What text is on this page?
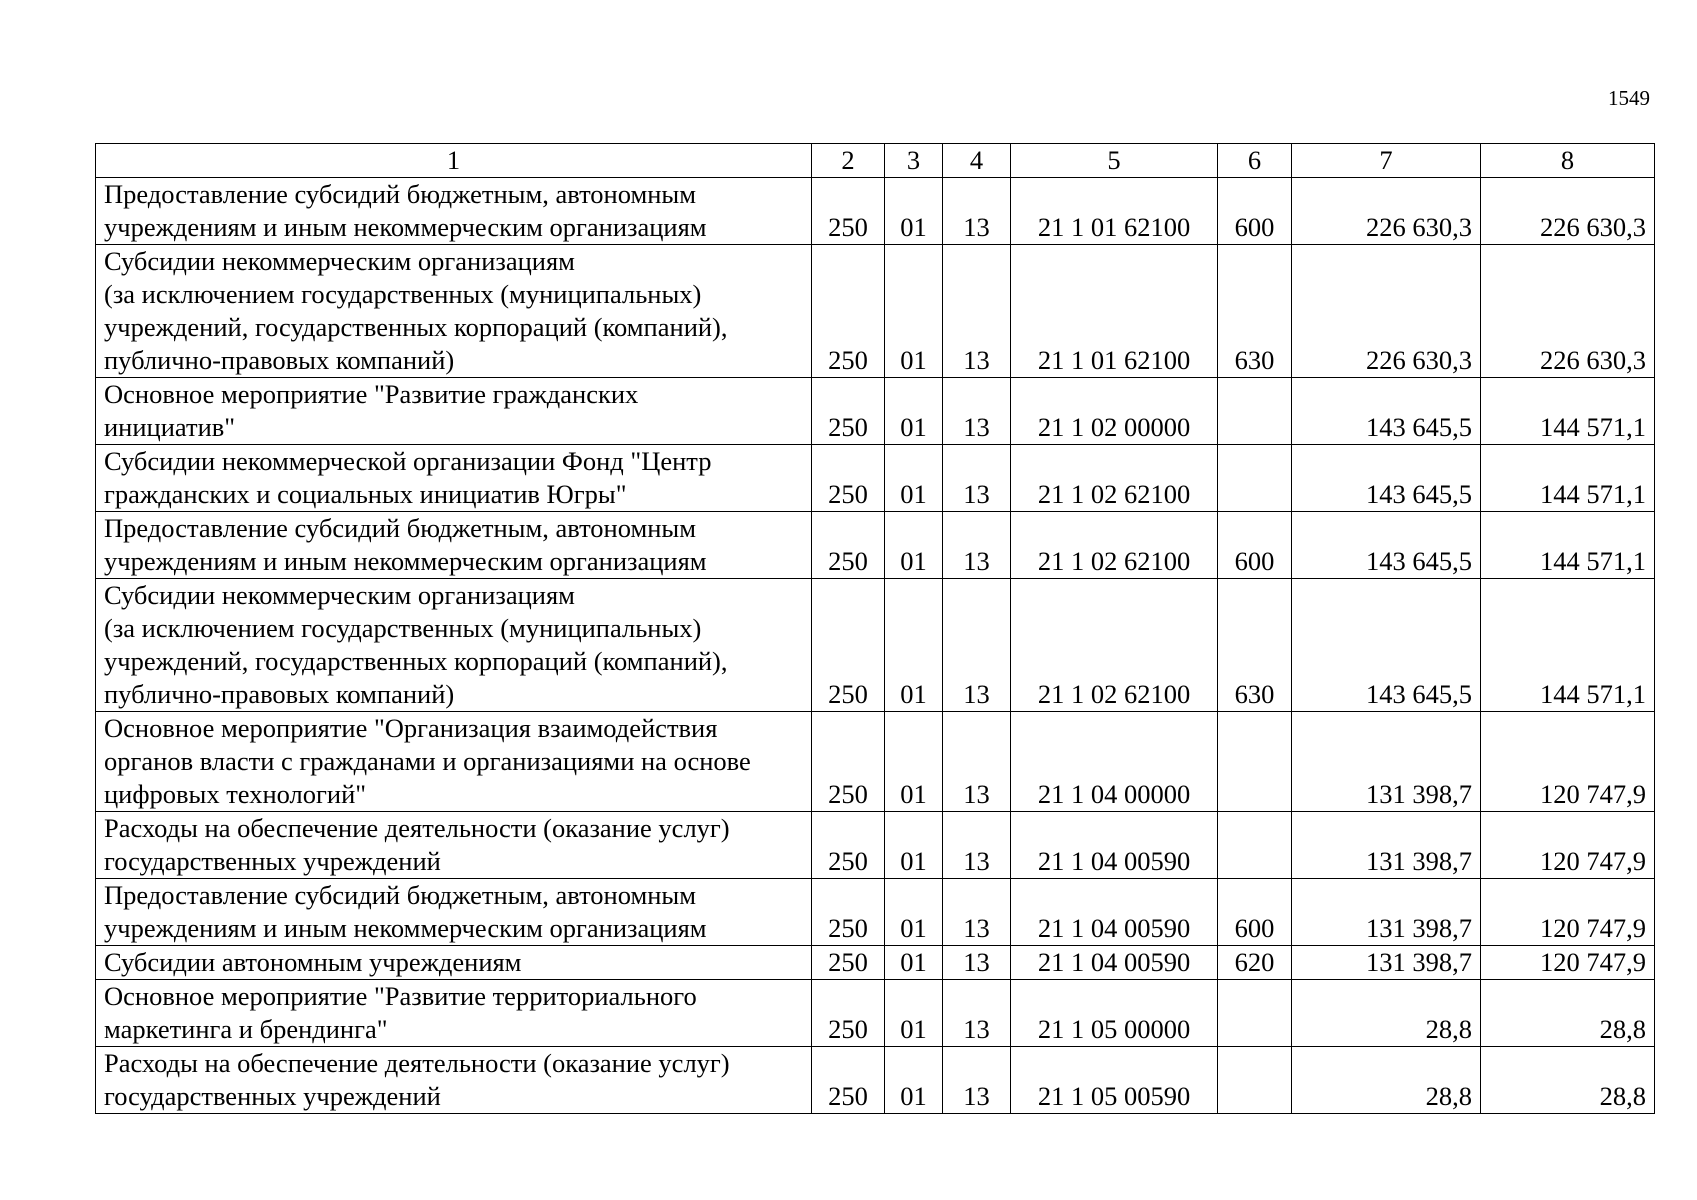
1549
1	2	3	4	5	6	7	8

Предоставление субсидий бюджетным, автономным
учреждениям и иным некоммерческим организациям	250	01	13	21 1 01 62100	600	226 630,3	226 630,3

Субсидии некоммерческим организациям
(за исключением государственных (муниципальных)
учреждений, государственных корпораций (компаний),
публично-правовых компаний)	250	01	13	21 1 01 62100	630	226 630,3	226 630,3

Основное мероприятие "Развитие гражданских
инициатив"	250	01	13	21 1 02 00000		143 645,5	144 571,1

Субсидии некоммерческой организации Фонд "Центр
гражданских и социальных инициатив Югры"	250	01	13	21 1 02 62100		143 645,5	144 571,1

Предоставление субсидий бюджетным, автономным
учреждениям и иным некоммерческим организациям	250	01	13	21 1 02 62100	600	143 645,5	144 571,1

Субсидии некоммерческим организациям
(за исключением государственных (муниципальных)
учреждений, государственных корпораций (компаний),
публично-правовых компаний)	250	01	13	21 1 02 62100	630	143 645,5	144 571,1

Основное мероприятие "Организация взаимодействия
органов власти с гражданами и организациями на основе
цифровых технологий"	250	01	13	21 1 04 00000		131 398,7	120 747,9

Расходы на обеспечение деятельности (оказание услуг)
государственных учреждений	250	01	13	21 1 04 00590		131 398,7	120 747,9

Предоставление субсидий бюджетным, автономным
учреждениям и иным некоммерческим организациям	250	01	13	21 1 04 00590	600	131 398,7	120 747,9

Субсидии автономным учреждениям	250	01	13	21 1 04 00590	620	131 398,7	120 747,9

Основное мероприятие "Развитие территориального
маркетинга и брендинга"	250	01	13	21 1 05 00000		28,8	28,8

Расходы на обеспечение деятельности (оказание услуг)
государственных учреждений	250	01	13	21 1 05 00590		28,8	28,8
